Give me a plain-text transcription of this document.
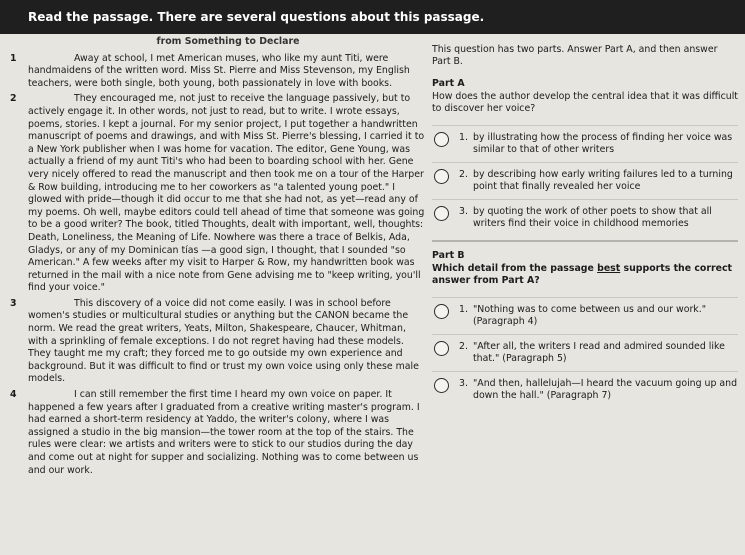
Read the passage. There are several questions about this passage.
from Something to Declare

1	Away at school, I met American muses, who like my aunt Titi, were handmaidens of the written word. Miss St. Pierre and Miss Stevenson, my English teachers, were both single, both young, both passionately in love with books.

2	They encouraged me, not just to receive the language passively, but to actively engage it. In other words, not just to read, but to write. I wrote essays, poems, stories. I kept a journal. For my senior project, I put together a handwritten manuscript of poems and drawings, and with Miss St. Pierre's blessing, I carried it to a New York publisher when I was home for vacation. The editor, Gene Young, was actually a friend of my aunt Titi's who had been to boarding school with her. Gene very nicely offered to read the manuscript and then took me on a tour of the Harper & Row building, introducing me to her coworkers as "a talented young poet." I glowed with pride—though it did occur to me that she had not, as yet—read any of my poems. Oh well, maybe editors could tell ahead of time that someone was going to be a good writer? The book, titled Thoughts, dealt with important, well, thoughts: Death, Loneliness, the Meaning of Life. Nowhere was there a trace of Belkis, Ada, Gladys, or any of my Dominican tías —a good sign, I thought, that I sounded "so American." A few weeks after my visit to Harper & Row, my handwritten book was returned in the mail with a nice note from Gene advising me to "keep writing, you'll find your voice."

3	This discovery of a voice did not come easily. I was in school before women's studies or multicultural studies or anything but the CANON became the norm. We read the great writers, Yeats, Milton, Shakespeare, Chaucer, Whitman, with a sprinkling of female exceptions. I do not regret having had these models. They taught me my craft; they forced me to go outside my own experience and background. But it was difficult to find or trust my own voice using only these male models.

4	I can still remember the first time I heard my own voice on paper. It happened a few years after I graduated from a creative writing master's program. I had earned a short-term residency at Yaddo, the writer's colony, where I was assigned a studio in the big mansion—the tower room at the top of the stairs. The rules were clear: we artists and writers were to stick to our studios during the day and come out at night for supper and socializing. Nothing was to come between us and our work.

This question has two parts. Answer Part A, and then answer Part B.

Part A

How does the author develop the central idea that it was difficult to discover her voice?

1. by illustrating how the process of finding her voice was similar to that of other writers
2. by describing how early writing failures led to a turning point that finally revealed her voice
3. by quoting the work of other poets to show that all writers find their voice in childhood memories
Part B

Which detail from the passage best supports the correct answer from Part A?

1. "Nothing was to come between us and our work." (Paragraph 4)
2. "After all, the writers I read and admired sounded like that." (Paragraph 5)
3. "And then, hallelujah—I heard the vacuum going up and down the hall." (Paragraph 7)
